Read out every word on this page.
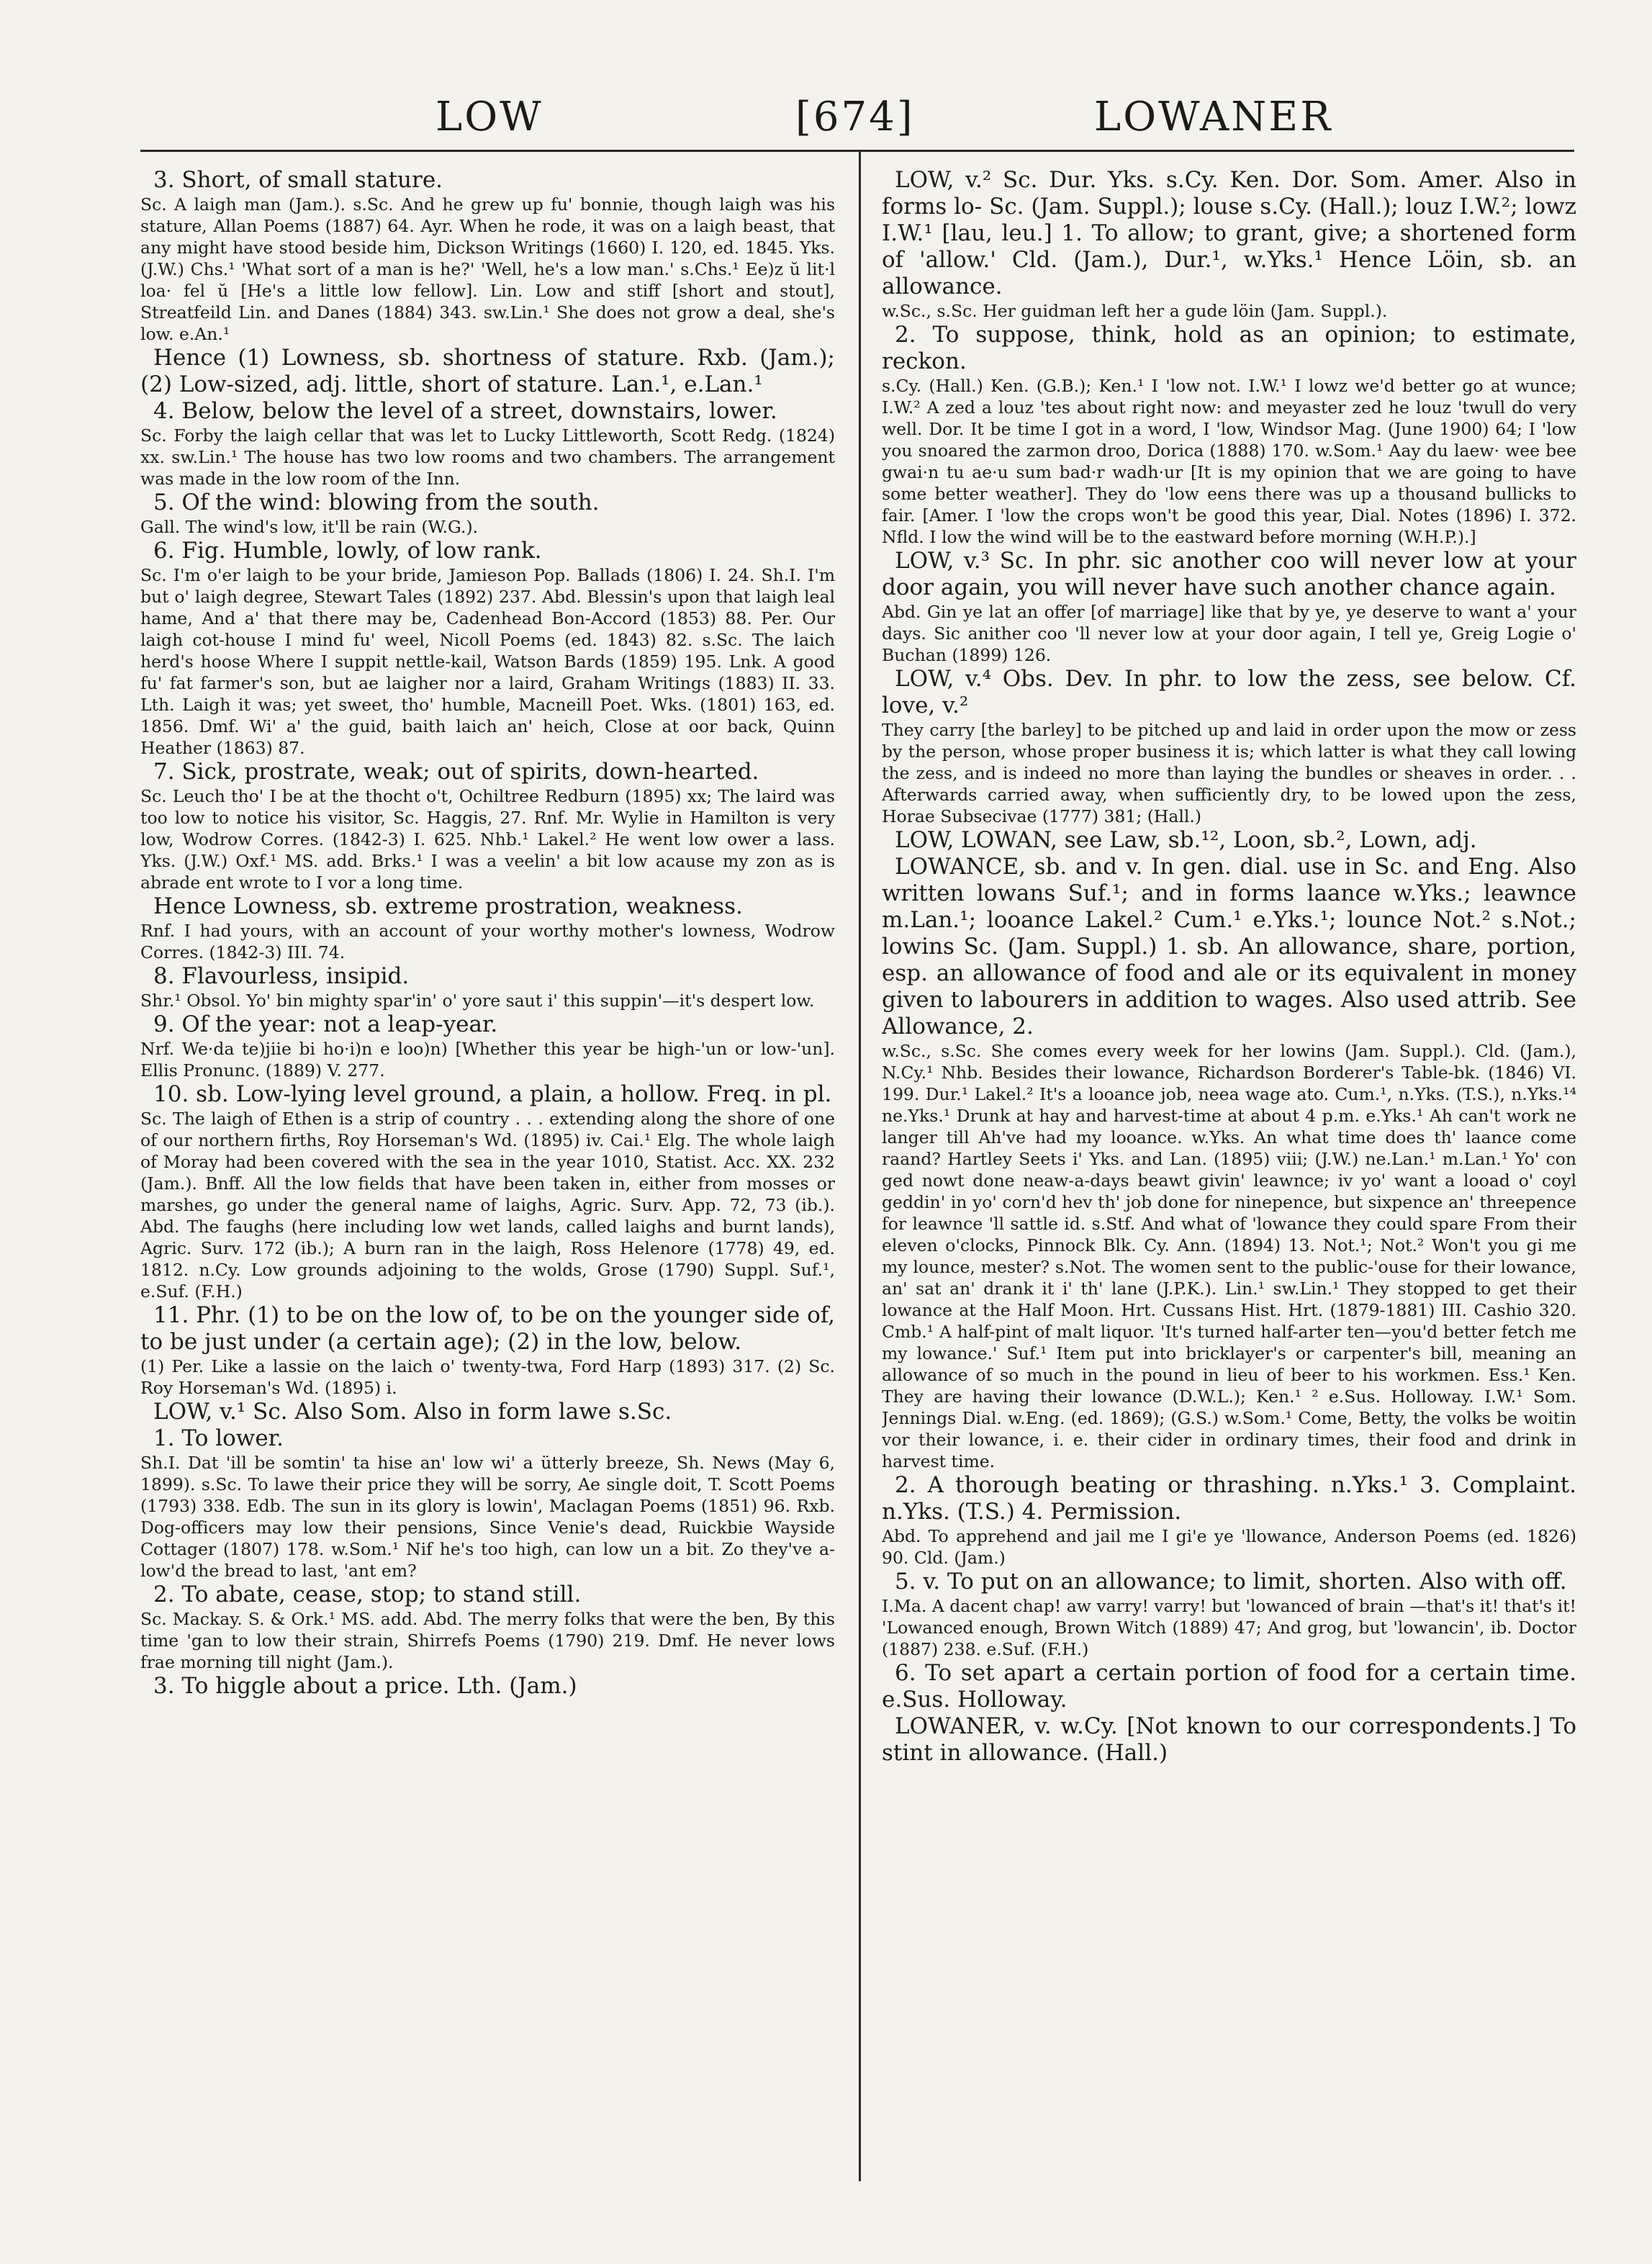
LOW	[674]	LOWANER

3. Short, of small stature.

Sc. A laigh man (Jam.). s.Sc. And he grew up fu' bonnie, though laigh was his stature, Allan Poems (1887) 64. Ayr. When he rode, it was on a laigh beast, that any might have stood beside him, Dickson Writings (1660) I. 120, ed. 1845. Yks. (J.W.) Chs.¹ 'What sort of a man is he?' 'Well, he's a low man.' s.Chs.¹ Ee)z ŭ lit·l loa· fel ŭ [He's a little low fellow]. Lin. Low and stiff [short and stout], Streatfeild Lin. and Danes (1884) 343. sw.Lin.¹ She does not grow a deal, she's low. e.An.¹

Hence (1) Lowness, sb. shortness of stature. Rxb. (Jam.); (2) Low-sized, adj. little, short of stature. Lan.¹, e.Lan.¹

4. Below, below the level of a street, downstairs, lower.

Sc. Forby the laigh cellar that was let to Lucky Littleworth, Scott Redg. (1824) xx. sw.Lin.¹ The house has two low rooms and two chambers. The arrangement was made in the low room of the Inn.

5. Of the wind: blowing from the south.

Gall. The wind's low, it'll be rain (W.G.).

6. Fig. Humble, lowly, of low rank.

Sc. I'm o'er laigh to be your bride, Jamieson Pop. Ballads (1806) I. 24. Sh.I. I'm but o' laigh degree, Stewart Tales (1892) 237. Abd. Blessin's upon that laigh leal hame, And a' that there may be, Cadenhead Bon-Accord (1853) 88. Per. Our laigh cot-house I mind fu' weel, Nicoll Poems (ed. 1843) 82. s.Sc. The laich herd's hoose Where I suppit nettle-kail, Watson Bards (1859) 195. Lnk. A good fu' fat farmer's son, but ae laigher nor a laird, Graham Writings (1883) II. 33. Lth. Laigh it was; yet sweet, tho' humble, Macneill Poet. Wks. (1801) 163, ed. 1856. Dmf. Wi' a' the guid, baith laich an' heich, Close at oor back, Quinn Heather (1863) 87.

7. Sick, prostrate, weak; out of spirits, down-hearted.

Sc. Leuch tho' I be at the thocht o't, Ochiltree Redburn (1895) xx; The laird was too low to notice his visitor, Sc. Haggis, 27. Rnf. Mr. Wylie in Hamilton is very low, Wodrow Corres. (1842-3) I. 625. Nhb.¹ Lakel.² He went low ower a lass. Yks. (J.W.) Oxf.¹ MS. add. Brks.¹ I was a veelin' a bit low acause my zon as is abrade ent wrote to I vor a long time.

Hence Lowness, sb. extreme prostration, weakness.

Rnf. I had yours, with an account of your worthy mother's lowness, Wodrow Corres. (1842-3) III. 74.

8. Flavourless, insipid.

Shr.¹ Obsol. Yo' bin mighty spar'in' o' yore saut i' this suppin'—it's despert low.

9. Of the year: not a leap-year.

Nrf. We·da te)jiie bi ho·i)n e loo)n) [Whether this year be high-'un or low-'un]. Ellis Pronunc. (1889) V. 277.

10. sb. Low-lying level ground, a plain, a hollow. Freq. in pl.

Sc. The laigh of Ethen is a strip of country . . . extending along the shore of one of our northern firths, Roy Horseman's Wd. (1895) iv. Cai.¹ Elg. The whole laigh of Moray had been covered with the sea in the year 1010, Statist. Acc. XX. 232 (Jam.). Bnff. All the low fields that have been taken in, either from mosses or marshes, go under the general name of laighs, Agric. Surv. App. 72, 73 (ib.). Abd. The faughs (here including low wet lands, called laighs and burnt lands), Agric. Surv. 172 (ib.); A burn ran in the laigh, Ross Helenore (1778) 49, ed. 1812. n.Cy. Low grounds adjoining to the wolds, Grose (1790) Suppl. Suf.¹, e.Suf. (F.H.)

11. Phr. (1) to be on the low of, to be on the younger side of, to be just under (a certain age); (2) in the low, below.

(1) Per. Like a lassie on the laich o' twenty-twa, Ford Harp (1893) 317. (2) Sc. Roy Horseman's Wd. (1895) i.

LOW, v.¹ Sc. Also Som. Also in form lawe s.Sc.

1. To lower.

Sh.I. Dat 'ill be somtin' ta hise an' low wi' a ütterly breeze, Sh. News (May 6, 1899). s.Sc. To lawe their price they will be sorry, Ae single doit, T. Scott Poems (1793) 338. Edb. The sun in its glory is lowin', Maclagan Poems (1851) 96. Rxb. Dog-officers may low their pensions, Since Venie's dead, Ruickbie Wayside Cottager (1807) 178. w.Som.¹ Nif he's too high, can low un a bit. Zo they've a-low'd the bread to last, 'ant em?

2. To abate, cease, stop; to stand still.

Sc. Mackay. S. & Ork.¹ MS. add. Abd. The merry folks that were the ben, By this time 'gan to low their strain, Shirrefs Poems (1790) 219. Dmf. He never lows frae morning till night (Jam.).

3. To higgle about a price. Lth. (Jam.)

LOW, v.² Sc. Dur. Yks. s.Cy. Ken. Dor. Som. Amer. Also in forms lo- Sc. (Jam. Suppl.); louse s.Cy. (Hall.); louz I.W.²; lowz I.W.¹ [lau, leu.] 1. To allow; to grant, give; a shortened form of 'allow.' Cld. (Jam.), Dur.¹, w.Yks.¹ Hence Löin, sb. an allowance.

w.Sc., s.Sc. Her guidman left her a gude löin (Jam. Suppl.).

2. To suppose, think, hold as an opinion; to estimate, reckon.

s.Cy. (Hall.) Ken. (G.B.); Ken.¹ I 'low not. I.W.¹ I lowz we'd better go at wunce; I.W.² A zed a louz 'tes about right now: and meyaster zed he louz 'twull do very well. Dor. It be time I got in a word, I 'low, Windsor Mag. (June 1900) 64; I 'low you snoared the zarmon droo, Dorica (1888) 170. w.Som.¹ Aay du laew· wee bee gwai·n tu ae·u sum bad·r wadh·ur [It is my opinion that we are going to have some better weather]. They do 'low eens there was up a thousand bullicks to fair. [Amer. I 'low the crops won't be good this year, Dial. Notes (1896) I. 372. Nfld. I low the wind will be to the eastward before morning (W.H.P.).]

LOW, v.³ Sc. In phr. sic another coo will never low at your door again, you will never have such another chance again.

Abd. Gin ye lat an offer [of marriage] like that by ye, ye deserve to want a' your days. Sic anither coo 'll never low at your door again, I tell ye, Greig Logie o' Buchan (1899) 126.

LOW, v.⁴ Obs. Dev. In phr. to low the zess, see below. Cf. love, v.²

They carry [the barley] to be pitched up and laid in order upon the mow or zess by the person, whose proper business it is; which latter is what they call lowing the zess, and is indeed no more than laying the bundles or sheaves in order. . . Afterwards carried away, when sufficiently dry, to be lowed upon the zess, Horae Subsecivae (1777) 381; (Hall.)

LOW, LOWAN, see Law, sb.¹², Loon, sb.², Lown, adj.

LOWANCE, sb. and v. In gen. dial. use in Sc. and Eng. Also written lowans Suf.¹; and in forms laance w.Yks.; leawnce m.Lan.¹; looance Lakel.² Cum.¹ e.Yks.¹; lounce Not.² s.Not.; lowins Sc. (Jam. Suppl.) 1. sb. An allowance, share, portion, esp. an allowance of food and ale or its equivalent in money given to labourers in addition to wages. Also used attrib. See Allowance, 2.

w.Sc., s.Sc. She comes every week for her lowins (Jam. Suppl.). Cld. (Jam.), N.Cy.¹ Nhb. Besides their lowance, Richardson Borderer's Table-bk. (1846) VI. 199. Dur.¹ Lakel.² It's a looance job, neea wage ato. Cum.¹, n.Yks. (T.S.), n.Yks.¹⁴ ne.Yks.¹ Drunk at hay and harvest-time at about 4 p.m. e.Yks.¹ Ah can't work ne langer till Ah've had my looance. w.Yks. An what time does th' laance come raand? Hartley Seets i' Yks. and Lan. (1895) viii; (J.W.) ne.Lan.¹ m.Lan.¹ Yo' con ged nowt done neaw-a-days beawt givin' leawnce; iv yo' want a looad o' coyl geddin' in yo' corn'd hev th' job done for ninepence, but sixpence an' threepence for leawnce 'll sattle id. s.Stf. And what of 'lowance they could spare From their eleven o'clocks, Pinnock Blk. Cy. Ann. (1894) 13. Not.¹; Not.² Won't you gi me my lounce, mester? s.Not. The women sent to the public-'ouse for their lowance, an' sat an' drank it i' th' lane (J.P.K.). Lin.¹ sw.Lin.¹ They stopped to get their lowance at the Half Moon. Hrt. Cussans Hist. Hrt. (1879-1881) III. Cashio 320. Cmb.¹ A half-pint of malt liquor. 'It's turned half-arter ten—you'd better fetch me my lowance.' Suf.¹ Item put into bricklayer's or carpenter's bill, meaning an allowance of so much in the pound in lieu of beer to his workmen. Ess.¹ Ken. They are having their lowance (D.W.L.); Ken.¹ ² e.Sus. Holloway. I.W.¹ Som. Jennings Dial. w.Eng. (ed. 1869); (G.S.) w.Som.¹ Come, Betty, the volks be woitin vor their lowance, i. e. their cider in ordinary times, their food and drink in harvest time.

2. A thorough beating or thrashing. n.Yks.¹ 3. Complaint. n.Yks. (T.S.) 4. Permission.

Abd. To apprehend and jail me I gi'e ye 'llowance, Anderson Poems (ed. 1826) 90. Cld. (Jam.)

5. v. To put on an allowance; to limit, shorten. Also with off.

I.Ma. A dacent chap! aw varry! varry! but 'lowanced of brain —that's it! that's it! 'Lowanced enough, Brown Witch (1889) 47; And grog, but 'lowancin', ib. Doctor (1887) 238. e.Suf. (F.H.)

6. To set apart a certain portion of food for a certain time. e.Sus. Holloway.

LOWANER, v. w.Cy. [Not known to our correspondents.] To stint in allowance. (Hall.)
